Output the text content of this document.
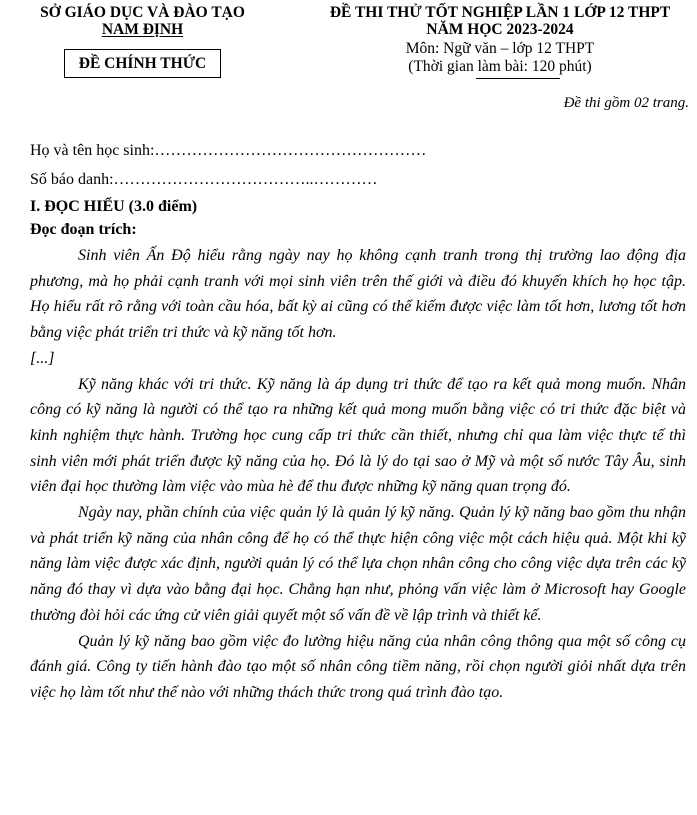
SỞ GIÁO DỤC VÀ ĐÀO TẠO
NAM ĐỊNH
ĐỀ CHÍNH THỨC
ĐỀ THI THỬ TỐT NGHIỆP LẦN 1 LỚP 12 THPT
NĂM HỌC 2023-2024
Môn: Ngữ văn – lớp 12 THPT
(Thời gian làm bài: 120 phút)
Đề thi gồm 02 trang.
Họ và tên học sinh:……………………………………………
Số báo danh:………………………………..…………
I. ĐỌC HIỂU (3.0 điểm)
Đọc đoạn trích:

Sinh viên Ấn Độ hiểu rằng ngày nay họ không cạnh tranh trong thị trường lao động địa phương, mà họ phải cạnh tranh với mọi sinh viên trên thế giới và điều đó khuyến khích họ học tập. Họ hiểu rất rõ rằng với toàn cầu hóa, bất kỳ ai cũng có thể kiếm được việc làm tốt hơn, lương tốt hơn bằng việc phát triển tri thức và kỹ năng tốt hơn.

[...]

Kỹ năng khác với tri thức. Kỹ năng là áp dụng tri thức để tạo ra kết quả mong muốn. Nhân công có kỹ năng là người có thể tạo ra những kết quả mong muốn bằng việc có tri thức đặc biệt và kinh nghiệm thực hành. Trường học cung cấp tri thức cần thiết, nhưng chỉ qua làm việc thực tế thì sinh viên mới phát triển được kỹ năng của họ. Đó là lý do tại sao ở Mỹ và một số nước Tây Âu, sinh viên đại học thường làm việc vào mùa hè để thu được những kỹ năng quan trọng đó.

Ngày nay, phần chính của việc quản lý là quản lý kỹ năng. Quản lý kỹ năng bao gồm thu nhận và phát triển kỹ năng của nhân công để họ có thể thực hiện công việc một cách hiệu quả. Một khi kỹ năng làm việc được xác định, người quản lý có thể lựa chọn nhân công cho công việc dựa trên các kỹ năng đó thay vì dựa vào bằng đại học. Chẳng hạn như, phỏng vấn việc làm ở Microsoft hay Google thường đòi hỏi các ứng cử viên giải quyết một số vấn đề về lập trình và thiết kế.

Quản lý kỹ năng bao gồm việc đo lường hiệu năng của nhân công thông qua một số công cụ đánh giá. Công ty tiến hành đào tạo một số nhân công tiềm năng, rồi chọn người giỏi nhất dựa trên việc họ làm tốt như thế nào với những thách thức trong quá trình đào tạo.
